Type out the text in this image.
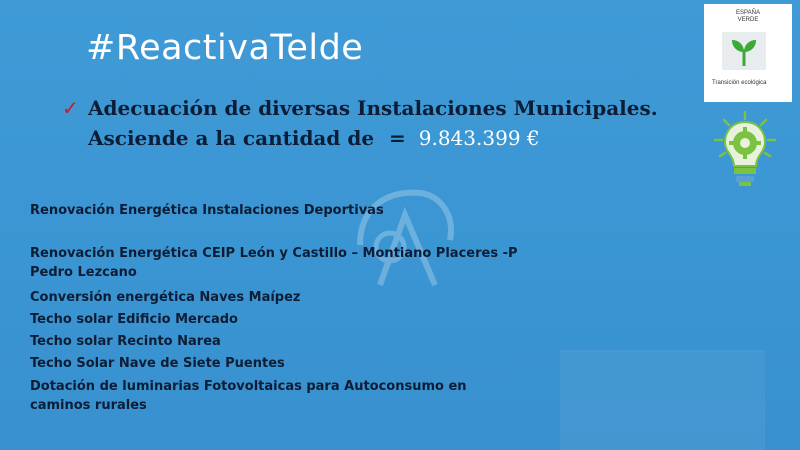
#ReactivaTelde
✓ Adecuación de diversas Instalaciones Municipales.
Asciende a la cantidad de = 9.843.399 €
ESPAÑA
VERDE
Transición ecológica
Renovación Energética Instalaciones Deportivas
Renovación Energética CEIP León y Castillo – Montiano Placeres -P Pedro Lezcano
Conversión energética Naves Maípez
Techo solar Edificio Mercado
Techo solar Recinto Narea
Techo Solar Nave de Siete Puentes
Dotación de luminarias Fotovoltaicas para Autoconsumo en caminos rurales
